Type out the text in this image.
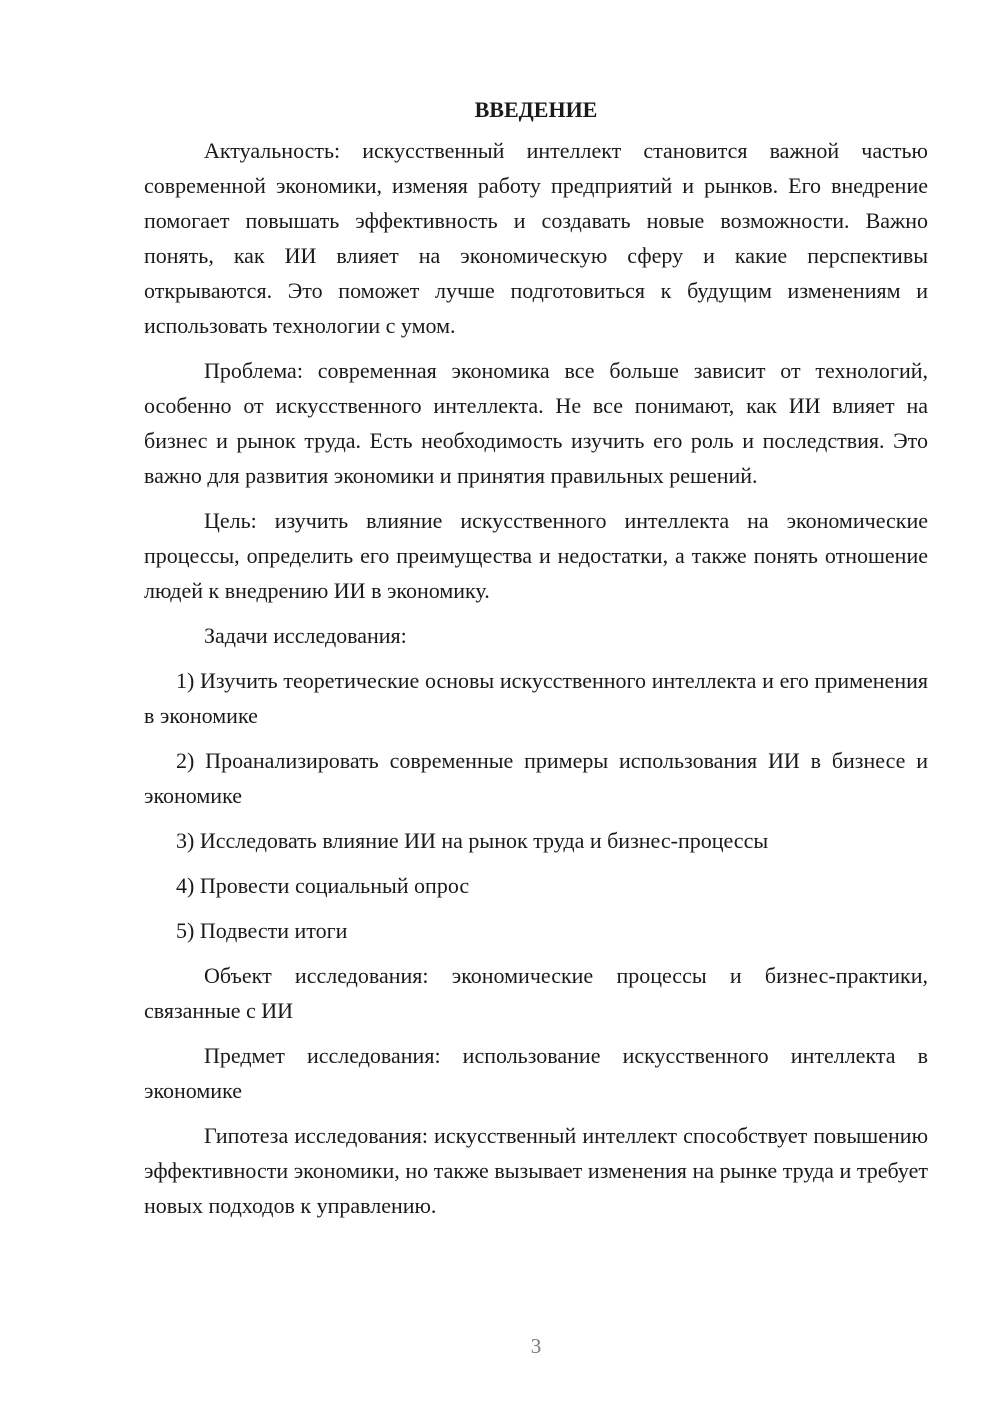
ВВЕДЕНИЕ

Актуальность: искусственный интеллект становится важной частью современной экономики, изменяя работу предприятий и рынков. Его внедрение помогает повышать эффективность и создавать новые возможности. Важно понять, как ИИ влияет на экономическую сферу и какие перспективы открываются. Это поможет лучше подготовиться к будущим изменениям и использовать технологии с умом.

Проблема: современная экономика все больше зависит от технологий, особенно от искусственного интеллекта. Не все понимают, как ИИ влияет на бизнес и рынок труда. Есть необходимость изучить его роль и последствия. Это важно для развития экономики и принятия правильных решений.

Цель: изучить влияние искусственного интеллекта на экономические процессы, определить его преимущества и недостатки, а также понять отношение людей к внедрению ИИ в экономику.

Задачи исследования:

1) Изучить теоретические основы искусственного интеллекта и его применения в экономике

2) Проанализировать современные примеры использования ИИ в бизнесе и экономике

3) Исследовать влияние ИИ на рынок труда и бизнес-процессы

4) Провести социальный опрос

5) Подвести итоги

Объект исследования: экономические процессы и бизнес-практики, связанные с ИИ

Предмет исследования: использование искусственного интеллекта в экономике

Гипотеза исследования: искусственный интеллект способствует повышению эффективности экономики, но также вызывает изменения на рынке труда и требует новых подходов к управлению.

3
